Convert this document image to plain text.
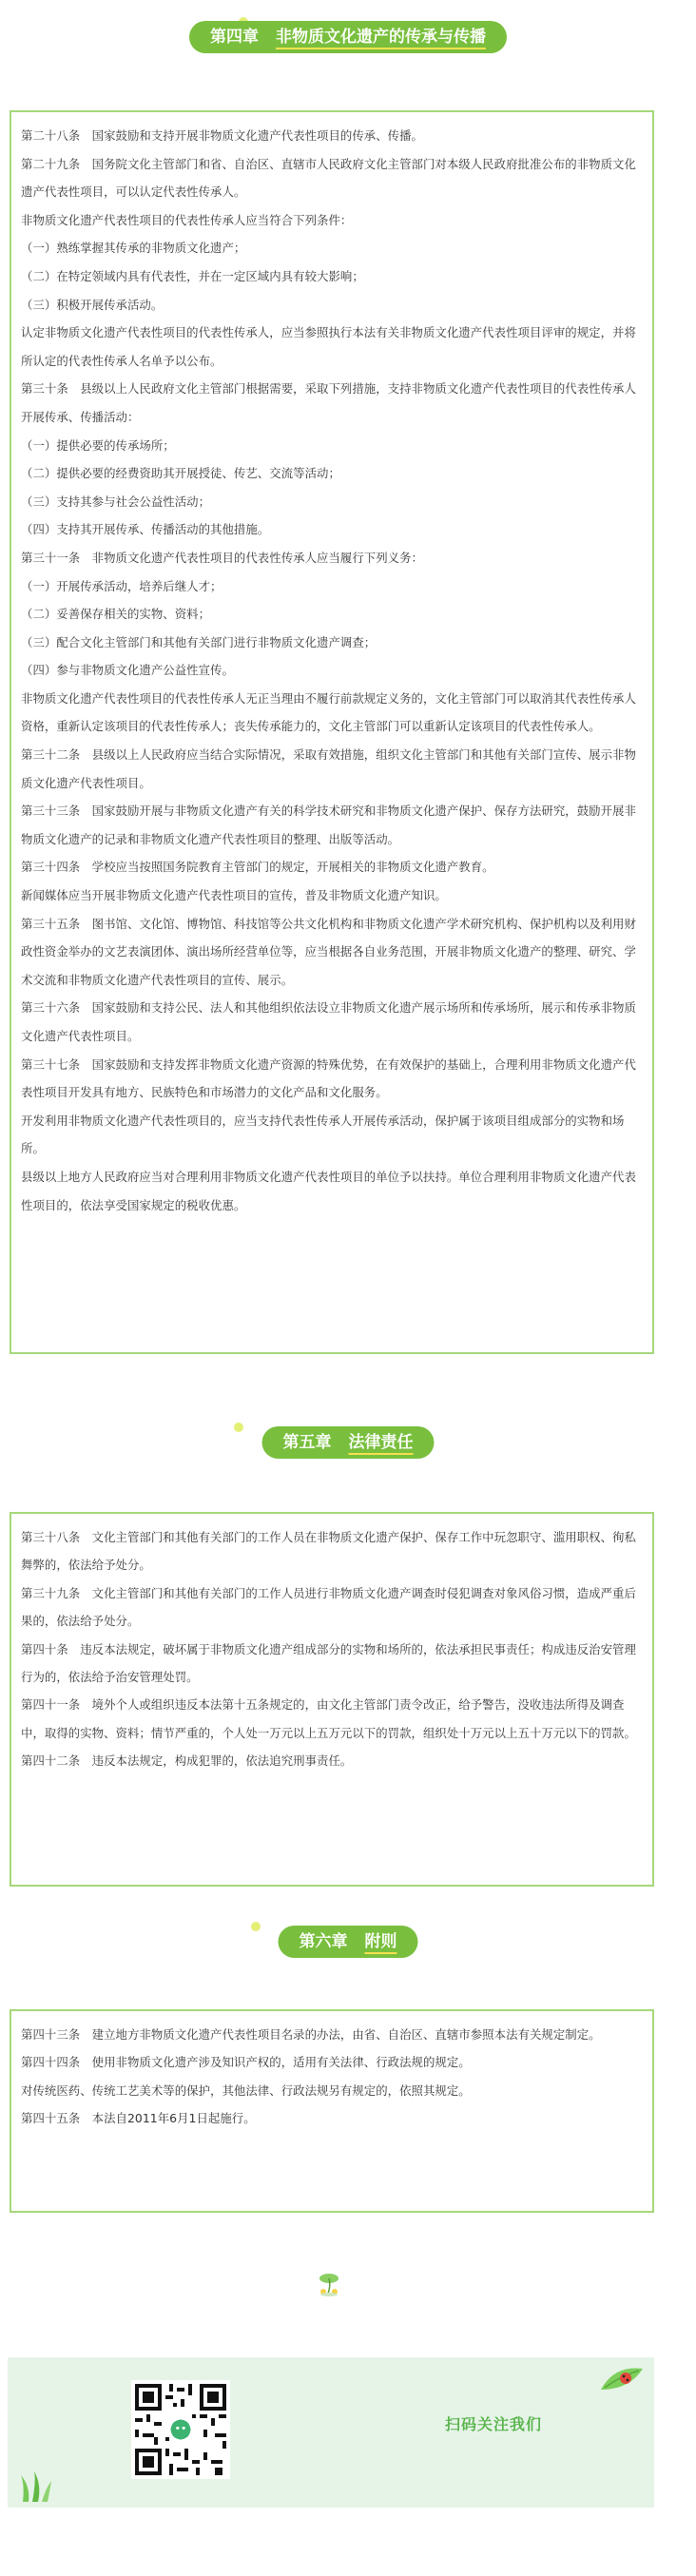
第四章 非物质文化遗产的传承与传播

第二十八条　国家鼓励和支持开展非物质文化遗产代表性项目的传承、传播。

第二十九条　国务院文化主管部门和省、自治区、直辖市人民政府文化主管部门对本级人民政府批准公布的非物质文化遗产代表性项目，可以认定代表性传承人。

非物质文化遗产代表性项目的代表性传承人应当符合下列条件：

（一）熟练掌握其传承的非物质文化遗产；

（二）在特定领域内具有代表性，并在一定区域内具有较大影响；

（三）积极开展传承活动。

认定非物质文化遗产代表性项目的代表性传承人，应当参照执行本法有关非物质文化遗产代表性项目评审的规定，并将所认定的代表性传承人名单予以公布。

第三十条　县级以上人民政府文化主管部门根据需要，采取下列措施，支持非物质文化遗产代表性项目的代表性传承人开展传承、传播活动：

（一）提供必要的传承场所；

（二）提供必要的经费资助其开展授徒、传艺、交流等活动；

（三）支持其参与社会公益性活动；

（四）支持其开展传承、传播活动的其他措施。

第三十一条　非物质文化遗产代表性项目的代表性传承人应当履行下列义务：

（一）开展传承活动，培养后继人才；

（二）妥善保存相关的实物、资料；

（三）配合文化主管部门和其他有关部门进行非物质文化遗产调查；

（四）参与非物质文化遗产公益性宣传。

非物质文化遗产代表性项目的代表性传承人无正当理由不履行前款规定义务的，文化主管部门可以取消其代表性传承人资格，重新认定该项目的代表性传承人；丧失传承能力的，文化主管部门可以重新认定该项目的代表性传承人。

第三十二条　县级以上人民政府应当结合实际情况，采取有效措施，组织文化主管部门和其他有关部门宣传、展示非物质文化遗产代表性项目。

第三十三条　国家鼓励开展与非物质文化遗产有关的科学技术研究和非物质文化遗产保护、保存方法研究，鼓励开展非物质文化遗产的记录和非物质文化遗产代表性项目的整理、出版等活动。

第三十四条　学校应当按照国务院教育主管部门的规定，开展相关的非物质文化遗产教育。

新闻媒体应当开展非物质文化遗产代表性项目的宣传，普及非物质文化遗产知识。

第三十五条　图书馆、文化馆、博物馆、科技馆等公共文化机构和非物质文化遗产学术研究机构、保护机构以及利用财政性资金举办的文艺表演团体、演出场所经营单位等，应当根据各自业务范围，开展非物质文化遗产的整理、研究、学术交流和非物质文化遗产代表性项目的宣传、展示。

第三十六条　国家鼓励和支持公民、法人和其他组织依法设立非物质文化遗产展示场所和传承场所，展示和传承非物质文化遗产代表性项目。

第三十七条　国家鼓励和支持发挥非物质文化遗产资源的特殊优势，在有效保护的基础上，合理利用非物质文化遗产代表性项目开发具有地方、民族特色和市场潜力的文化产品和文化服务。

开发利用非物质文化遗产代表性项目的，应当支持代表性传承人开展传承活动，保护属于该项目组成部分的实物和场所。

县级以上地方人民政府应当对合理利用非物质文化遗产代表性项目的单位予以扶持。单位合理利用非物质文化遗产代表性项目的，依法享受国家规定的税收优惠。

第五章 法律责任

第三十八条　文化主管部门和其他有关部门的工作人员在非物质文化遗产保护、保存工作中玩忽职守、滥用职权、徇私舞弊的，依法给予处分。

第三十九条　文化主管部门和其他有关部门的工作人员进行非物质文化遗产调查时侵犯调查对象风俗习惯，造成严重后果的，依法给予处分。

第四十条　违反本法规定，破坏属于非物质文化遗产组成部分的实物和场所的，依法承担民事责任；构成违反治安管理行为的，依法给予治安管理处罚。

第四十一条　境外个人或组织违反本法第十五条规定的，由文化主管部门责令改正，给予警告，没收违法所得及调查中，取得的实物、资料；情节严重的，个人处一万元以上五万元以下的罚款，组织处十万元以上五十万元以下的罚款。

第四十二条　违反本法规定，构成犯罪的，依法追究刑事责任。

第六章 附则

第四十三条　建立地方非物质文化遗产代表性项目名录的办法，由省、自治区、直辖市参照本法有关规定制定。

第四十四条　使用非物质文化遗产涉及知识产权的，适用有关法律、行政法规的规定。

对传统医药、传统工艺美术等的保护，其他法律、行政法规另有规定的，依照其规定。

第四十五条　本法自2011年6月1日起施行。

扫码关注我们
